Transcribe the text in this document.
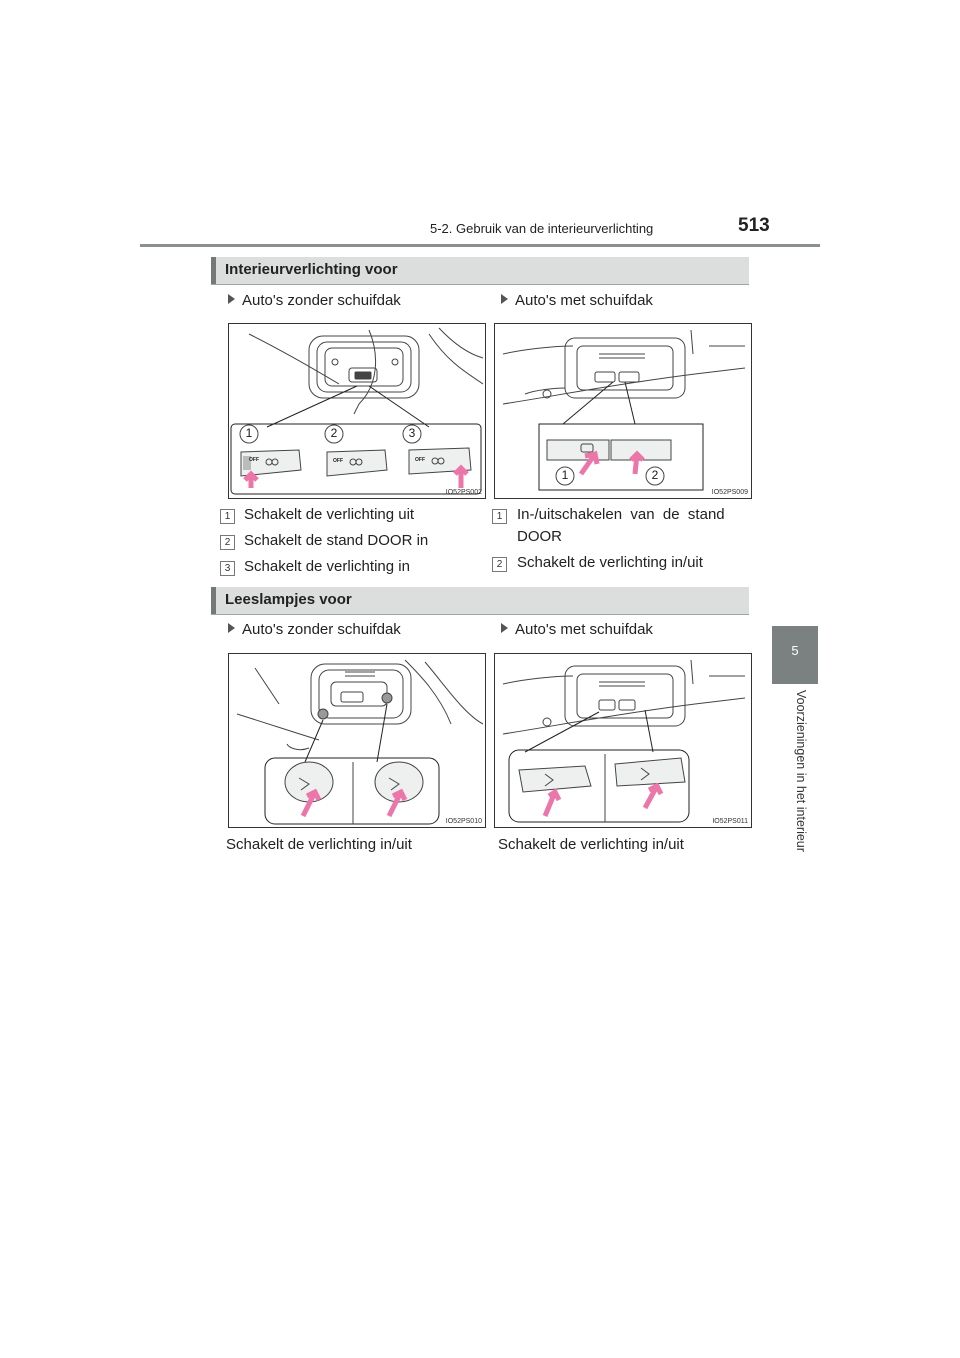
5-2. Gebruik van de interieurverlichting	513
5
Voorzieningen in het interieur
Interieurverlichting voor
Auto's zonder schuifdak	Auto's met schuifdak
1	2	3
OFF	OFF	OFF
IO52PS002
1	2
IO52PS009
1 Schakelt de verlichting uit
2 Schakelt de stand DOOR in
3 Schakelt de verlichting in
1 In-/uitschakelen  van  de  stand
DOOR
2 Schakelt de verlichting in/uit
Leeslampjes voor
Auto's zonder schuifdak	Auto's met schuifdak
IO52PS010	IO52PS011
Schakelt de verlichting in/uit	Schakelt de verlichting in/uit
